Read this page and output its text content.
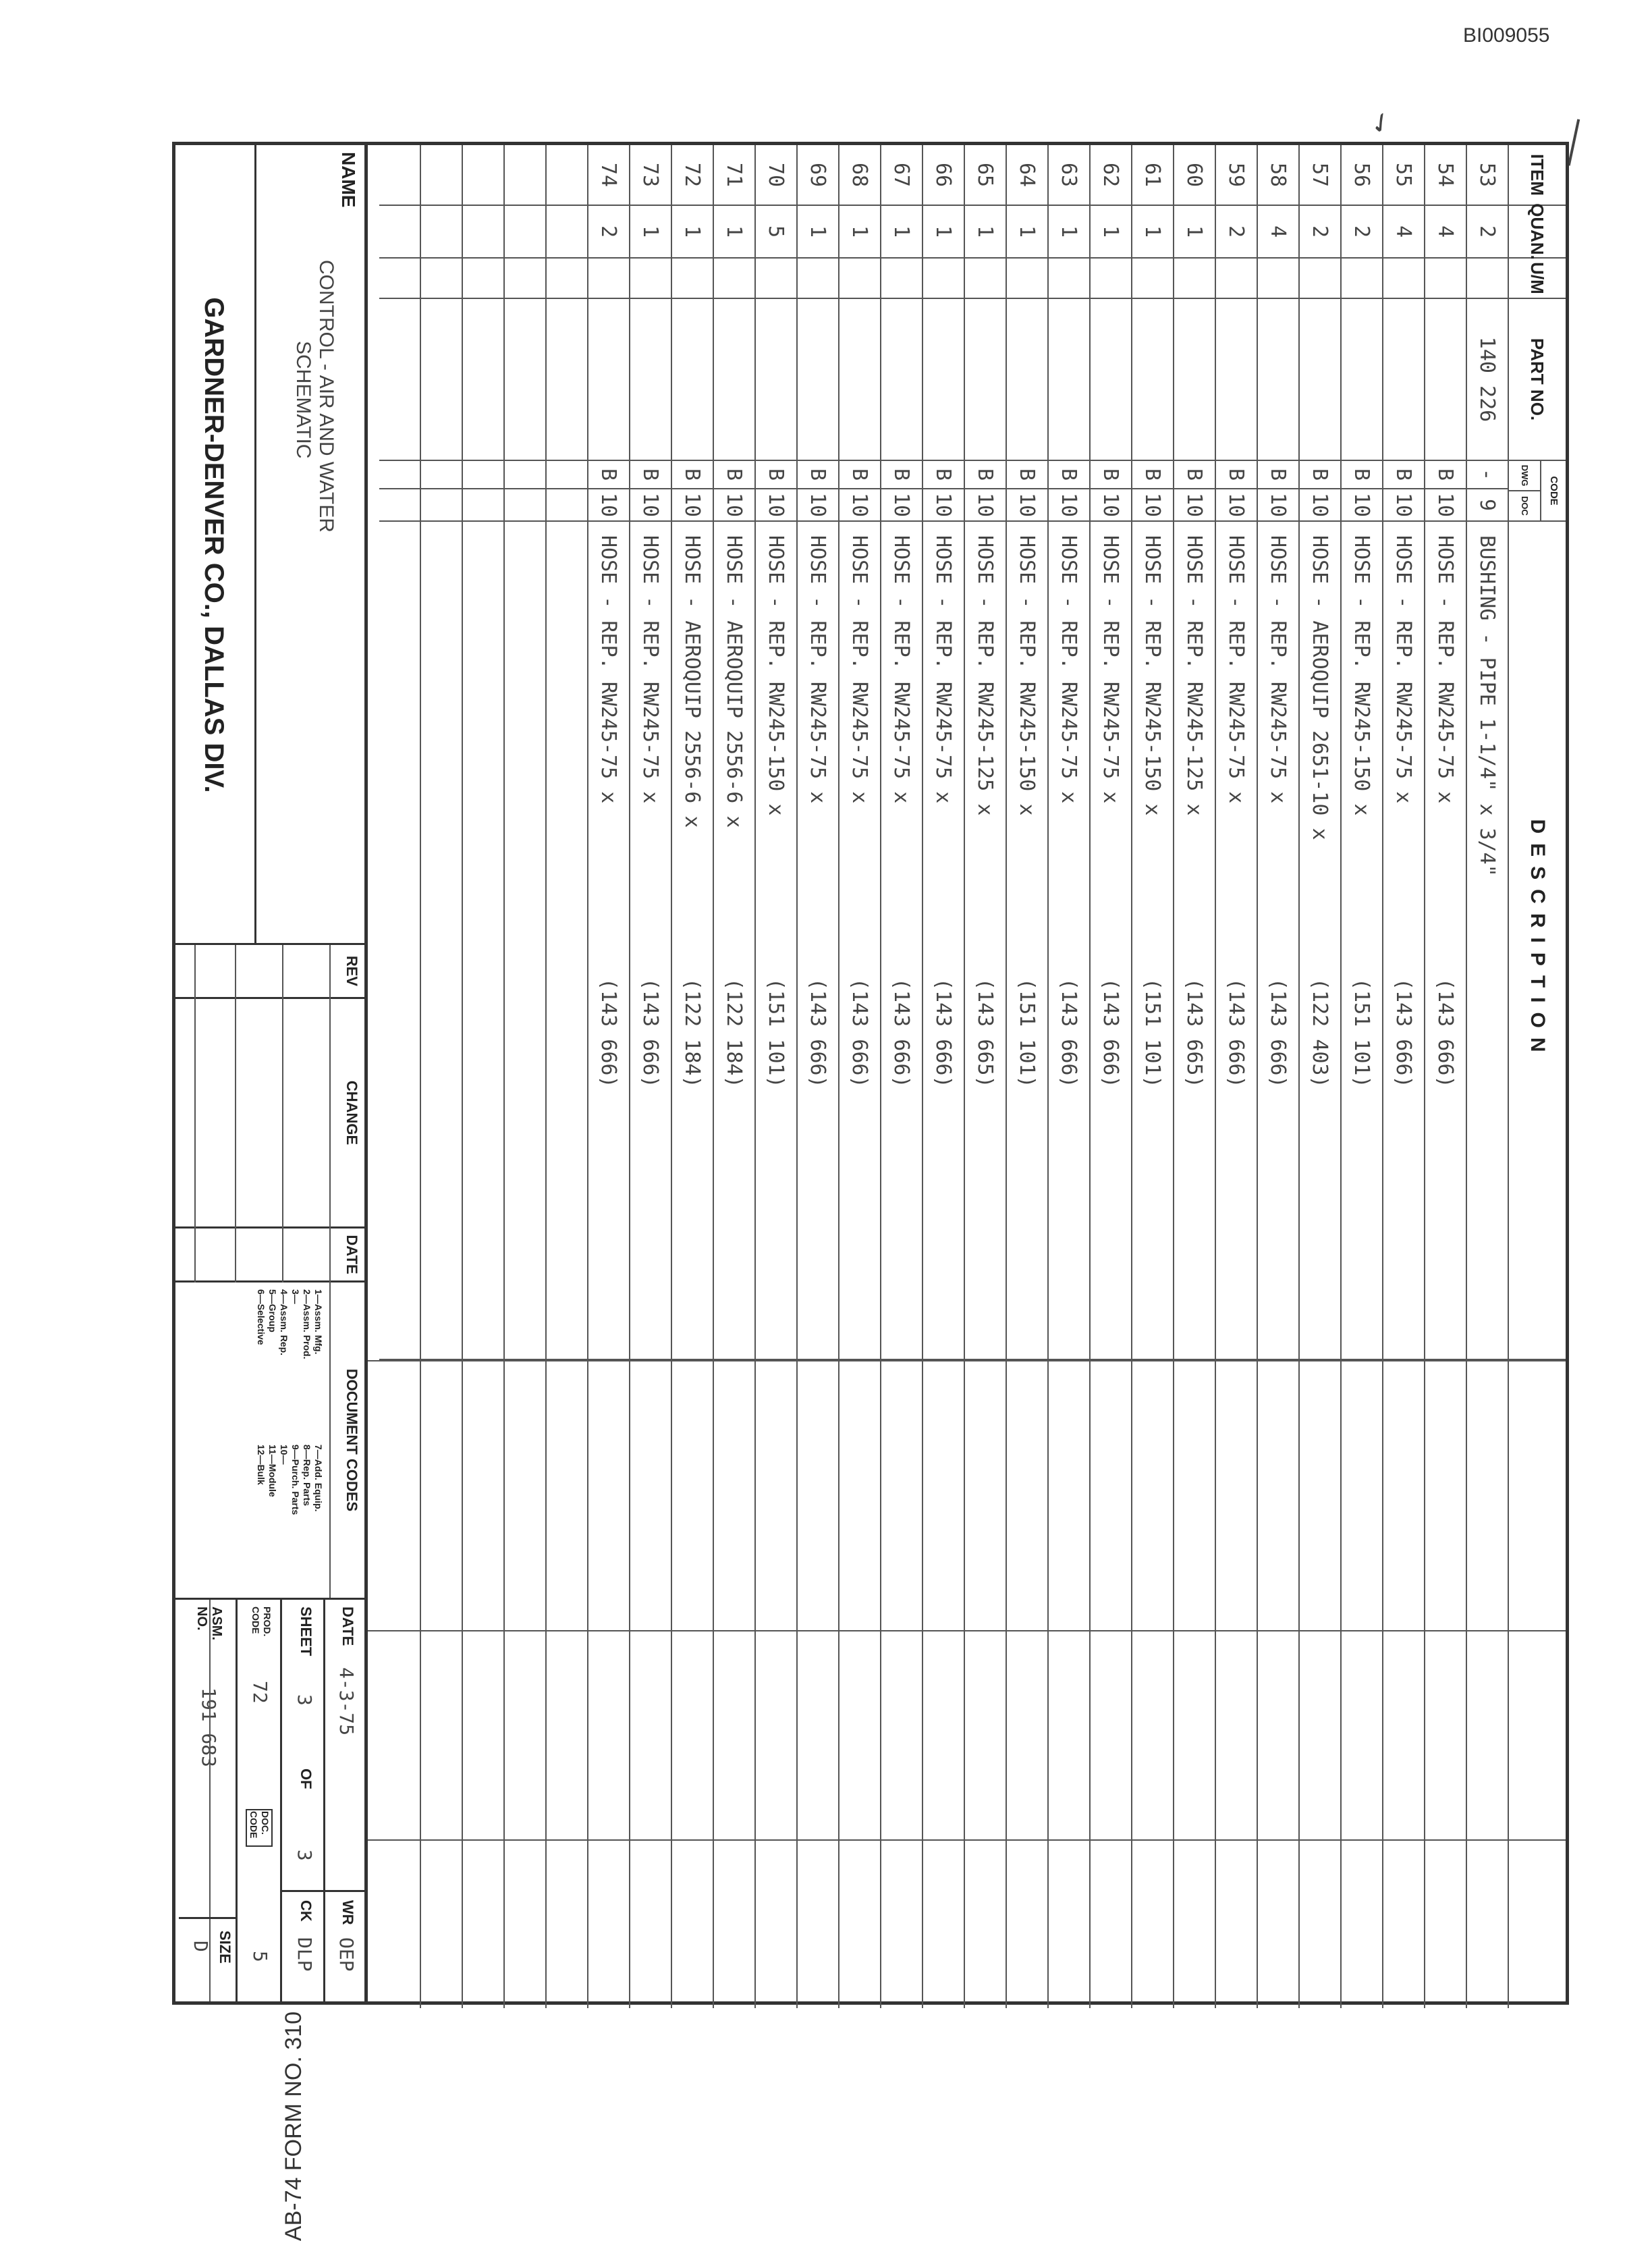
BI009055
✓
ITEM
QUAN.
U/M
PART NO.
CODE
DWG
DOC
DESCRIPTION
53
2
140 226
-
9
BUSHING - PIPE 1-1/4" x 3/4"
54
4
B
10
HOSE - REP. RW245-75 x
(143 666)
55
4
B
10
HOSE - REP. RW245-75 x
(143 666)
56
2
B
10
HOSE - REP. RW245-150 x
(151 101)
57
2
B
10
HOSE - AEROQUIP 2651-10 x
(122 403)
58
4
B
10
HOSE - REP. RW245-75 x
(143 666)
59
2
B
10
HOSE - REP. RW245-75 x
(143 666)
60
1
B
10
HOSE - REP. RW245-125 x
(143 665)
61
1
B
10
HOSE - REP. RW245-150 x
(151 101)
62
1
B
10
HOSE - REP. RW245-75 x
(143 666)
63
1
B
10
HOSE - REP. RW245-75 x
(143 666)
64
1
B
10
HOSE - REP. RW245-150 x
(151 101)
65
1
B
10
HOSE - REP. RW245-125 x
(143 665)
66
1
B
10
HOSE - REP. RW245-75 x
(143 666)
67
1
B
10
HOSE - REP. RW245-75 x
(143 666)
68
1
B
10
HOSE - REP. RW245-75 x
(143 666)
69
1
B
10
HOSE - REP. RW245-75 x
(143 666)
70
5
B
10
HOSE - REP. RW245-150 x
(151 101)
71
1
B
10
HOSE - AEROQUIP 2556-6 x
(122 184)
72
1
B
10
HOSE - AEROQUIP 2556-6 x
(122 184)
73
1
B
10
HOSE - REP. RW245-75 x
(143 666)
74
2
B
10
HOSE - REP. RW245-75 x
(143 666)
NAME
CONTROL - AIR AND WATER
SCHEMATIC
GARDNER-DENVER CO., DALLAS DIV.
REV
CHANGE
DATE
DOCUMENT CODES
1—Assm. Mfg.
2—Assm. Prod.
3—
4—Assm. Rep.
5—Group
6—Selective
7—Add. Equip.
8—Rep. Parts
9—Purch. Parts
10—
11—Module
12—Bulk
DATE
4-3-75
WR
OEP
SHEET
3
OF
3
CK
DLP
PROD. CODE
72
DOC. CODE
5
ASM. NO.
191 683
SIZE
D
AB-74 FORM NO. 310
